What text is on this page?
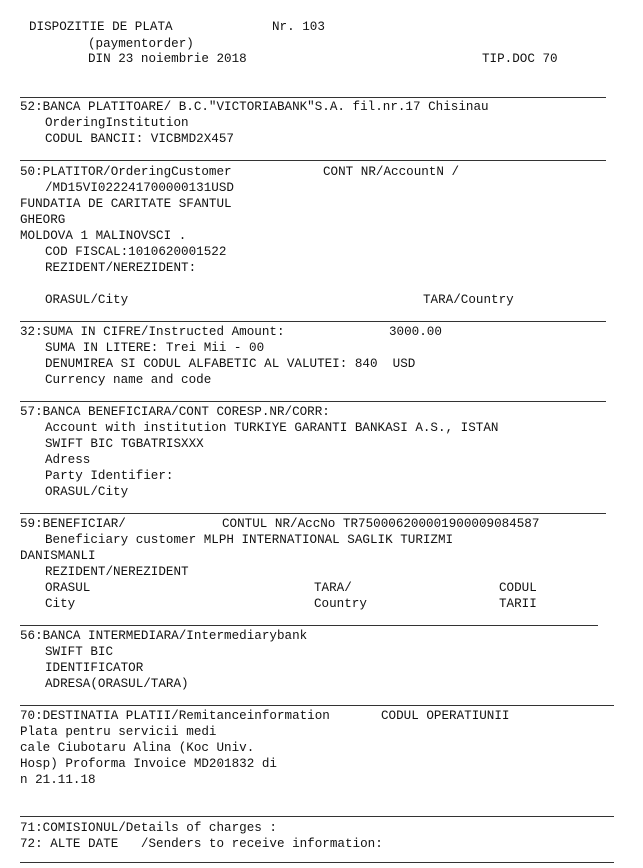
DISPOZITIE DE PLATA	Nr. 103
(paymentorder)
DIN 23 noiembrie 2018	TIP.DOC 70
52:BANCA PLATITOARE/ B.C."VICTORIABANK"S.A. fil.nr.17 Chisinau
OrderingInstitution
CODUL BANCII: VICBMD2X457
50:PLATITOR/OrderingCustomer	CONT NR/AccountN /
/MD15VI022241700000131USD
FUNDATIA DE CARITATE SFANTUL
GHEORG
MOLDOVA 1 MALINOVSCI .
COD FISCAL:1010620001522
REZIDENT/NEREZIDENT:
ORASUL/City	TARA/Country
32:SUMA IN CIFRE/Instructed Amount:	3000.00
SUMA IN LITERE: Trei Mii - 00
DENUMIREA SI CODUL ALFABETIC AL VALUTEI: 840  USD
Currency name and code
57:BANCA BENEFICIARA/CONT CORESP.NR/CORR:
Account with institution TURKIYE GARANTI BANKASI A.S., ISTAN
SWIFT BIC TGBATRISXXX
Adress
Party Identifier:
ORASUL/City
59:BENEFICIAR/	CONTUL NR/AccNo TR750006200001900009084587
Beneficiary customer MLPH INTERNATIONAL SAGLIK TURIZMI
DANISMANLI
REZIDENT/NEREZIDENT
ORASUL	TARA/	CODUL
City	Country	TARII
56:BANCA INTERMEDIARA/Intermediarybank
SWIFT BIC
IDENTIFICATOR
ADRESA(ORASUL/TARA)
70:DESTINATIA PLATII/Remitanceinformation	CODUL OPERATIUNII
Plata pentru servicii medi
cale Ciubotaru Alina (Koc Univ.
Hosp) Proforma Invoice MD201832 di
n 21.11.18
71:COMISIONUL/Details of charges :
72: ALTE DATE   /Senders to receive information:
